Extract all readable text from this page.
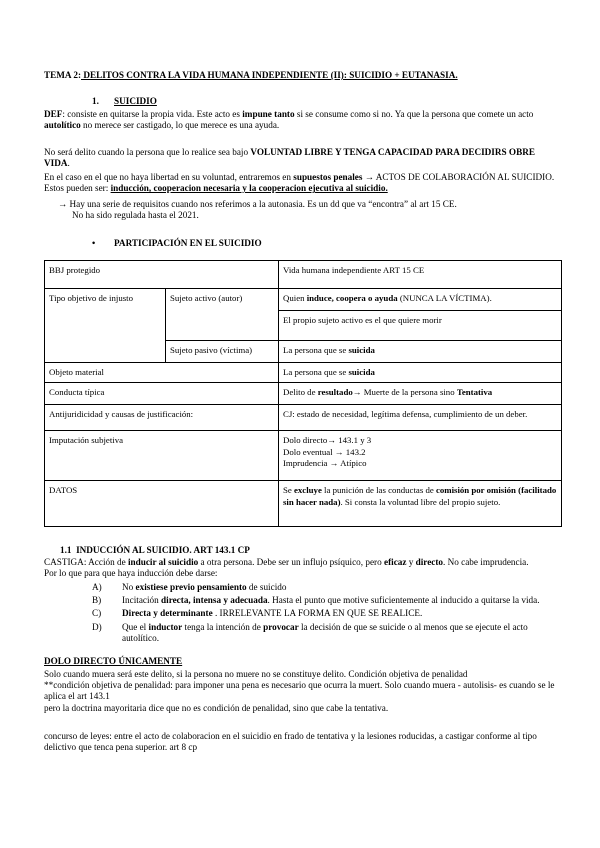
TEMA 2: DELITOS CONTRA LA VIDA HUMANA INDEPENDIENTE (II): SUICIDIO + EUTANASIA.
1. SUICIDIO

DEF: consiste en quitarse la propia vida. Este acto es impune tanto si se consume como si no. Ya que la persona que comete un acto autolítico no merece ser castigado, lo que merece es una ayuda.

No será delito cuando la persona que lo realice sea bajo VOLUNTAD LIBRE Y TENGA CAPACIDAD PARA DECIDIRS OBRE VIDA.

En el caso en el que no haya libertad en su voluntad, entraremos en supuestos penales → ACTOS DE COLABORACIÓN AL SUICIDIO. Estos pueden ser: inducción, cooperacion necesaria y la cooperacion ejecutiva al suicidio.

→ Hay una serie de requisitos cuando nos referimos a la autonasia. Es un dd que va “encontra” al art 15 CE.

No ha sido regulada hasta el 2021.

• PARTICIPACIÓN EN EL SUICIDIO
BBJ protegido		Vida humana independiente ART 15 CE
Tipo objetivo de injusto	Sujeto activo (autor)	Quien induce, coopera o ayuda (NUNCA LA VÍCTIMA).
		El propio sujeto activo es el que quiere morir
	Sujeto pasivo (víctima)	La persona que se suicida
Objeto material		La persona que se suicida
Conducta típica		Delito de resultado→ Muerte de la persona sino Tentativa
Antijuridicidad y causas de justificación:		CJ: estado de necesidad, legítima defensa, cumplimiento de un deber.
Imputación subjetiva		Dolo directo→ 143.1 y 3
Dolo eventual → 143.2
Imprudencia → Atípico

DATOS		Se excluye la punición de las conductas de comisión por omisión (facilitado sin hacer nada). Si consta la voluntad libre del propio sujeto.
1.1 INDUCCIÓN AL SUICIDIO. ART 143.1 CP

CASTIGA: Acción de inducir al suicidio a otra persona. Debe ser un influjo psíquico, pero eficaz y directo. No cabe imprudencia.
Por lo que para que haya inducción debe darse:

A)	No existiese previo pensamiento de suicido
B)	Incitación directa, intensa y adecuada. Hasta el punto que motive suficientemente al inducido a quitarse la vida.
C)	Directa y determinante . IRRELEVANTE LA FORMA EN QUE SE REALICE.
D)	Que el inductor tenga la intención de provocar la decisión de que se suicide o al menos que se ejecute el acto autolítico.
DOLO DIRECTO ÚNICAMENTE

Solo cuando muera será este delito, si la persona no muere no se constituye delito. Condición objetiva de penalidad

**condición objetiva de penalidad: para imponer una pena es necesario que ocurra la muert. Solo cuando muera - autolisis- es cuando se le aplica el art 143.1

pero la doctrina mayoritaria dice que no es condición de penalidad, sino que cabe la tentativa.

concurso de leyes: entre el acto de colaboracion en el suicidio en frado de tentativa y la lesiones roducidas, a castigar conforme al tipo delictivo que tenca pena superior. art 8 cp
